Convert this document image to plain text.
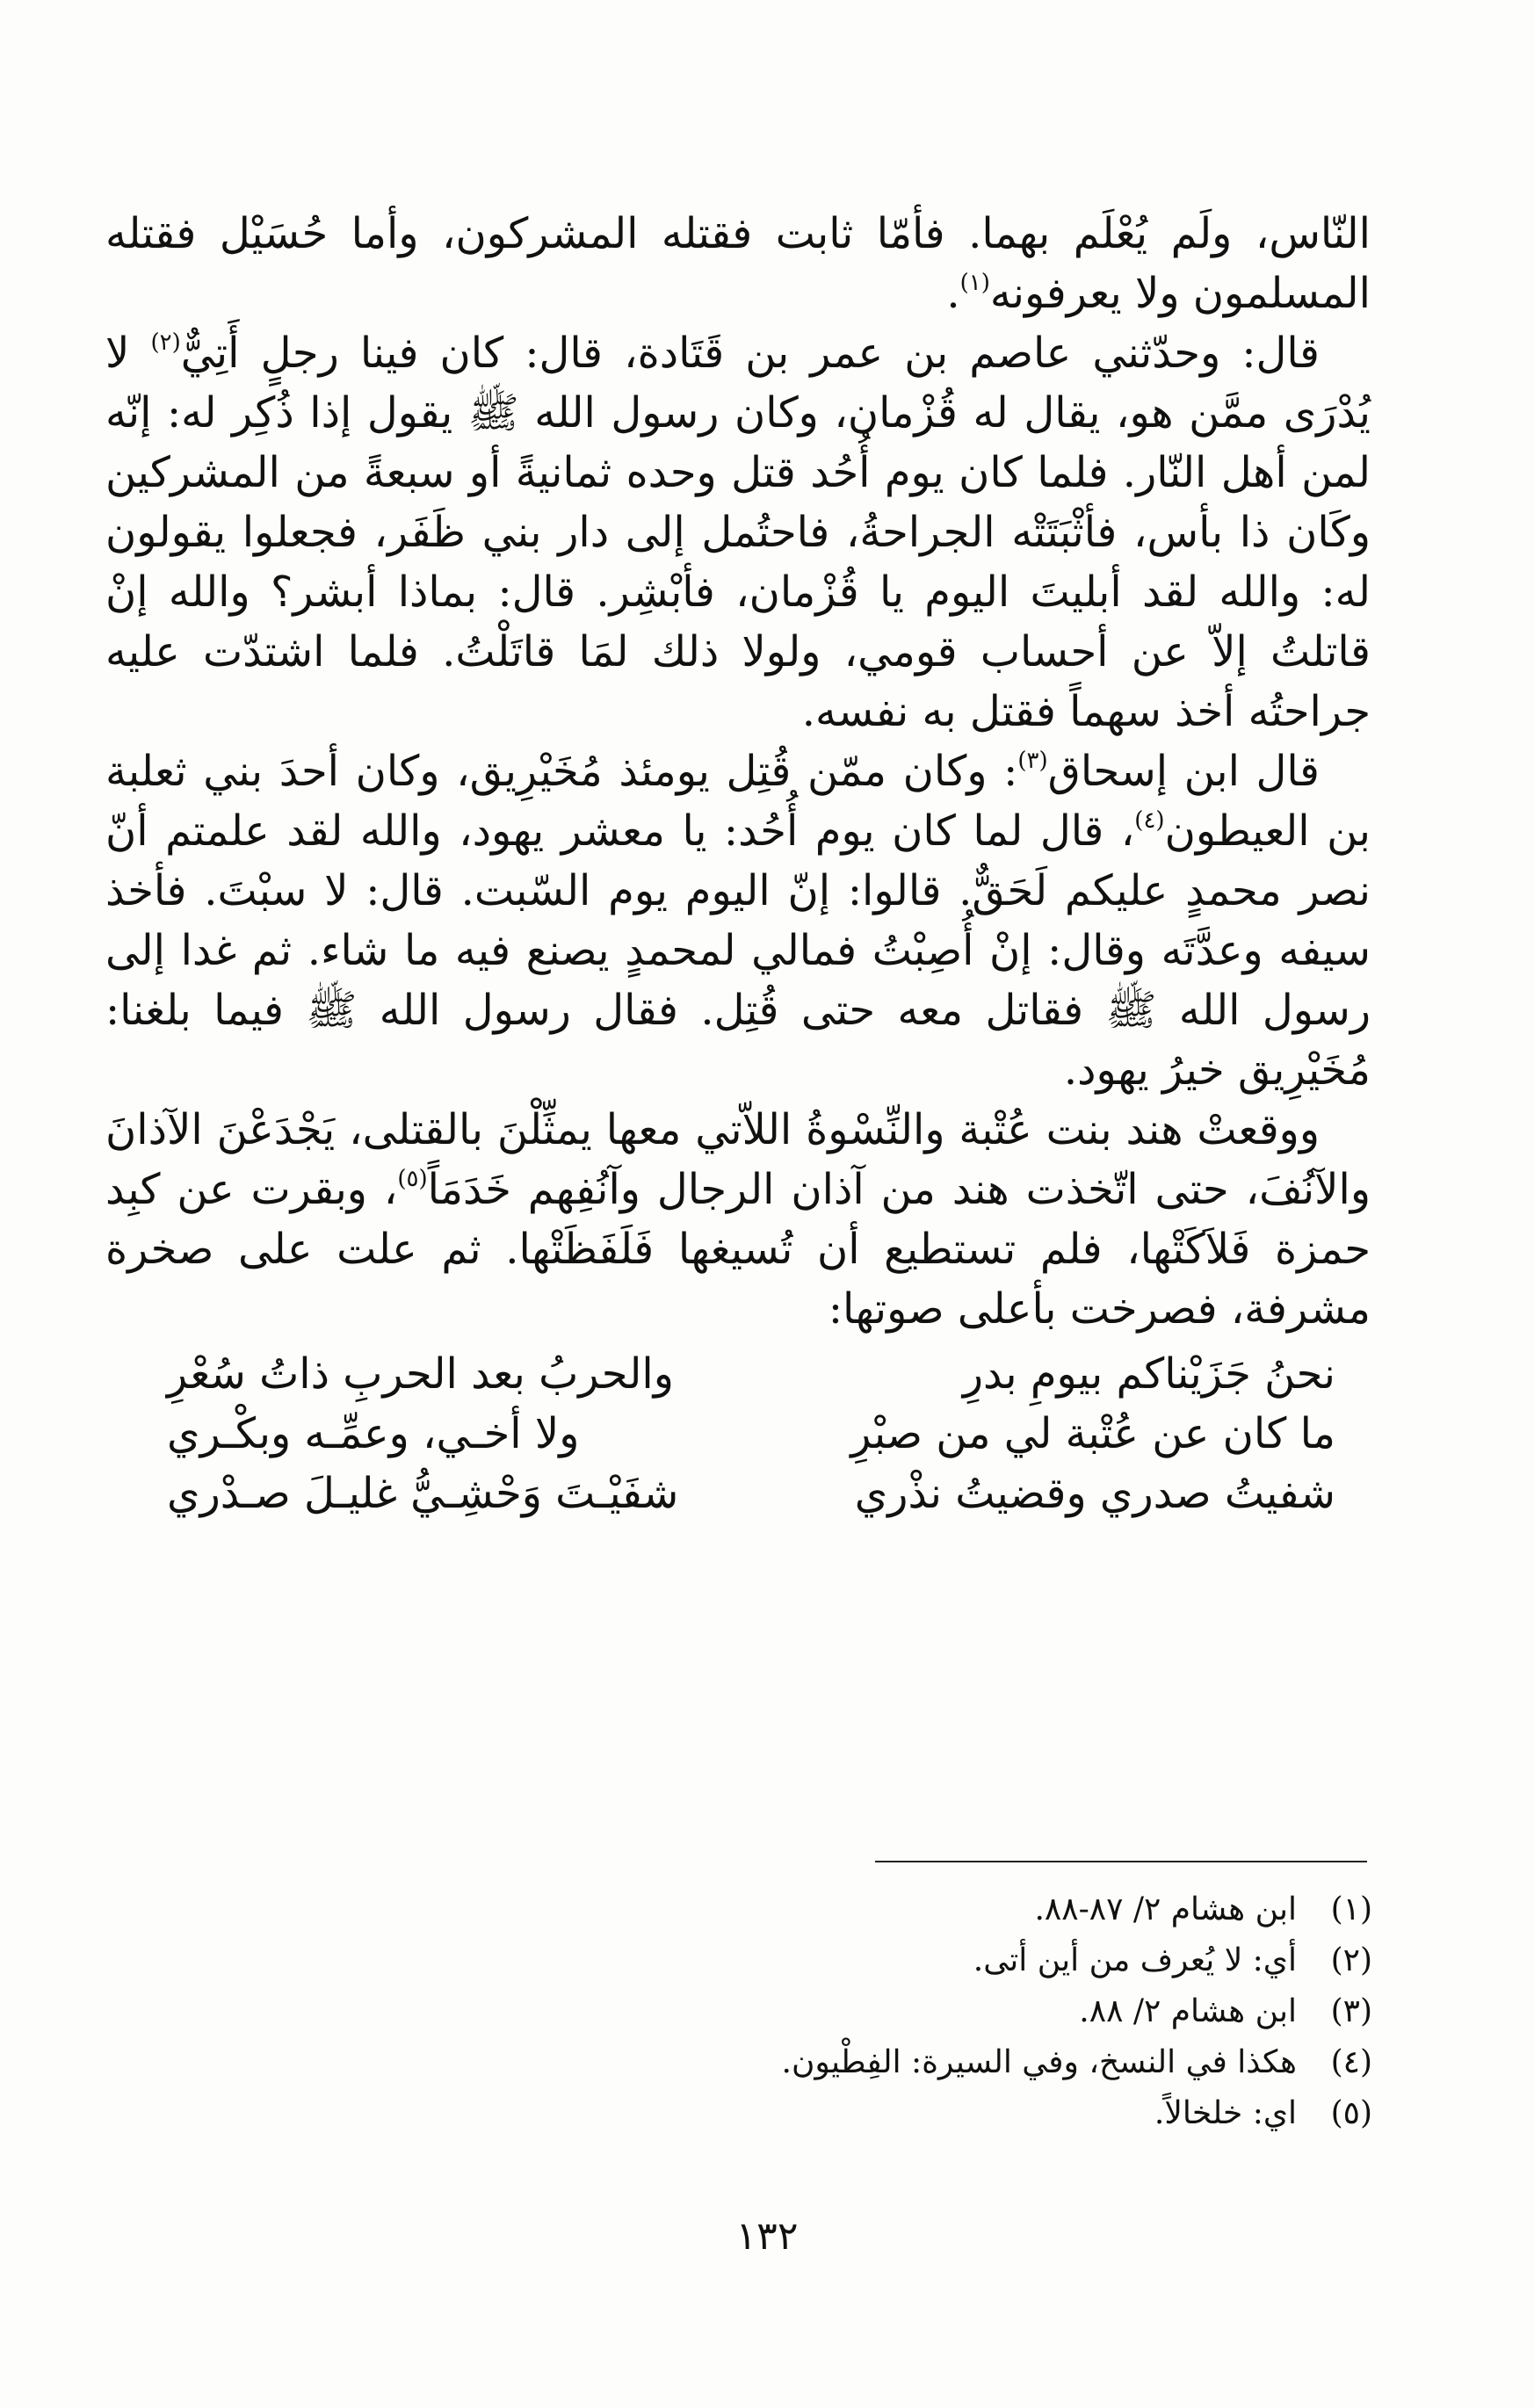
النّاس، ولَم يُعْلَم بهما. فأمّا ثابت فقتله المشركون، وأما حُسَيْل فقتله المسلمون ولا يعرفونه$^{(١)}$.

قال: وحدّثني عاصم بن عمر بن قَتَادة، قال: كان فينا رجلٍ أَتِيٌّ$^{(٢)}$ لا يُدْرَى ممَّن هو، يقال له قُزْمان، وكان رسول الله ﷺ يقول إذا ذُكِر له: إنّه لمن أهل النّار. فلما كان يوم أُحُد قتل وحده ثمانيةً أو سبعةً من المشركين وكَان ذا بأس، فأثْبَتَتْه الجراحةُ، فاحتُمل إلى دار بني ظَفَر، فجعلوا يقولون له: والله لقد أبليتَ اليوم يا قُزْمان، فأبْشِر. قال: بماذا أبشر؟ والله إنْ قاتلتُ إلاّ عن أحساب قومي، ولولا ذلك لمَا قاتَلْتُ. فلما اشتدّت عليه جراحتُه أخذ سهماً فقتل به نفسه.

قال ابن إسحاق$^{(٣)}$: وكان ممّن قُتِل يومئذ مُخَيْرِيق، وكان أحدَ بني ثعلبة بن العيطون$^{(٤)}$، قال لما كان يوم أُحُد: يا معشر يهود، والله لقد علمتم أنّ نصر محمدٍ عليكم لَحَقٌّ. قالوا: إنّ اليوم يوم السّبت. قال: لا سبْتَ. فأخذ سيفه وعدَّتَه وقال: إنْ أُصِبْتُ فمالي لمحمدٍ يصنع فيه ما شاء. ثم غدا إلى رسول الله ﷺ فقاتل معه حتى قُتِل. فقال رسول الله ﷺ فيما بلغنا: مُخَيْرِيق خيرُ يهود.

ووقعتْ هند بنت عُتْبة والنِّسْوةُ اللاّتي معها يمثِّلْنَ بالقتلى، يَجْدَعْنَ الآذانَ والآنُفَ، حتى اتّخذت هند من آذان الرجال وآنُفِهم خَدَمَاً$^{(٥)}$، وبقرت عن كبِد حمزة فَلاَكَتْها، فلم تستطيع أن تُسيغها فَلَفَظَتْها. ثم علت على صخرة مشرفة، فصرخت بأعلى صوتها:

نحنُ جَزَيْناكم بيومِ بدرِ
والحربُ بعد الحربِ ذاتُ سُعْرِ
ما كان عن عُتْبة لي من صبْرِ
ولا أخـي، وعمِّـه وبكْـري
شفيتُ صدري وقضيتُ نذْري
شفَيْـتَ وَحْشِـيُّ غليـلَ صـدْري
(١)
ابن هشام ٢/ ٨٧-٨٨.
(٢)
أي: لا يُعرف من أين أتى.
(٣)
ابن هشام ٢/ ٨٨.
(٤)
هكذا في النسخ، وفي السيرة: الفِطْيون.
(٥)
اي: خلخالاً.
١٣٢
